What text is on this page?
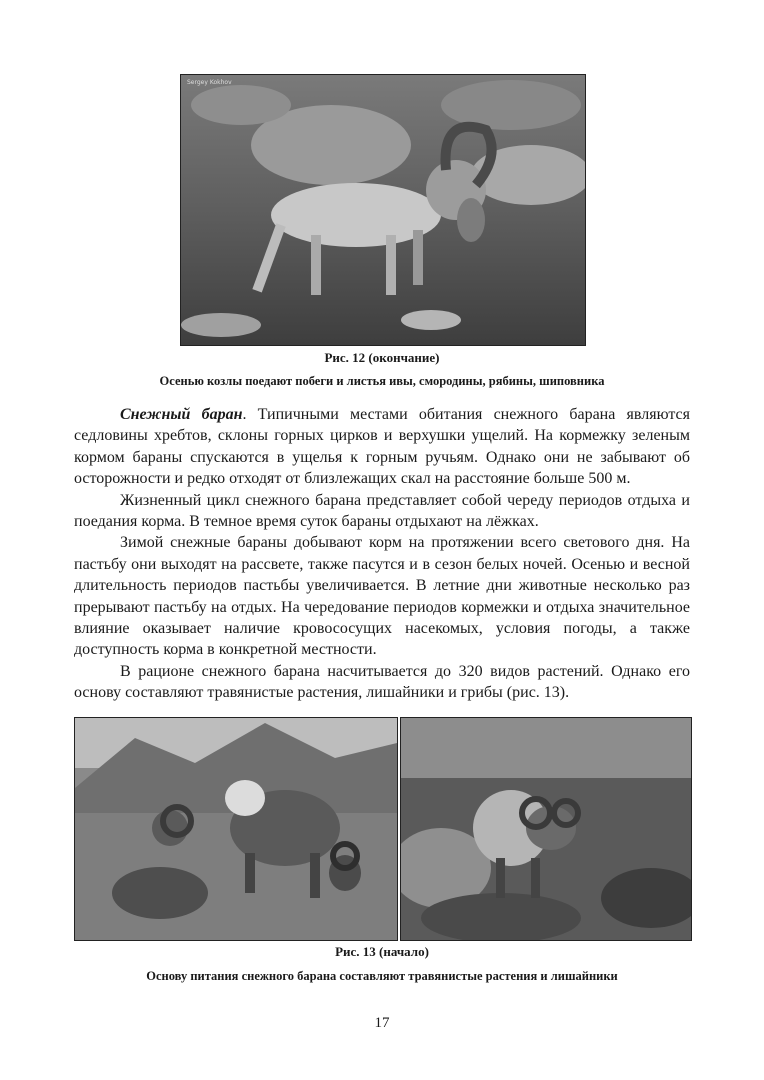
Sergey Kokhov
Рис. 12 (окончание)
Осенью козлы поедают побеги и листья ивы, смородины, рябины, шиповника

Снежный баран. Типичными местами обитания снежного барана являются седловины хребтов, склоны горных цирков и верхушки ущелий. На кормежку зеленым кормом бараны спускаются в ущелья к горным ручьям. Однако они не забывают об осторожности и редко отходят от близлежащих скал на расстояние больше 500 м.

Жизненный цикл снежного барана представляет собой череду периодов отдыха и поедания корма. В темное время суток бараны отдыхают на лёжках.

Зимой снежные бараны добывают корм на протяжении всего светового дня. На пастьбу они выходят на рассвете, также пасутся и в сезон белых ночей. Осенью и весной длительность периодов пастьбы увеличивается. В летние дни животные несколько раз прерывают пастьбу на отдых. На чередование периодов кормежки и отдыха значительное влияние оказывает наличие кровососущих насекомых, условия погоды, а также доступность корма в конкретной местности.

В рационе снежного барана насчитывается до 320 видов растений. Однако его основу составляют травянистые растения, лишайники и грибы (рис. 13).

Рис. 13 (начало)
Основу питания снежного барана составляют травянистые растения и лишайники
17
